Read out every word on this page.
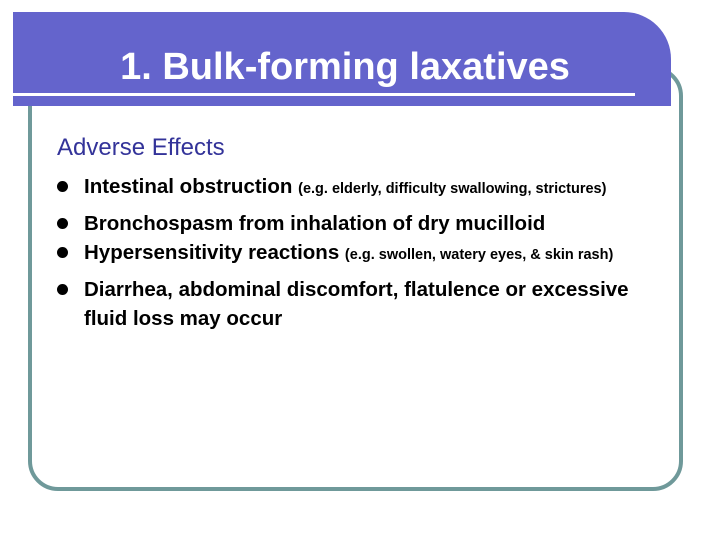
1. Bulk-forming laxatives
Adverse Effects
Intestinal obstruction (e.g. elderly, difficulty swallowing, strictures)
Bronchospasm from inhalation of dry mucilloid
Hypersensitivity reactions (e.g. swollen, watery eyes, & skin rash)
Diarrhea, abdominal discomfort, flatulence or excessive fluid loss may occur
